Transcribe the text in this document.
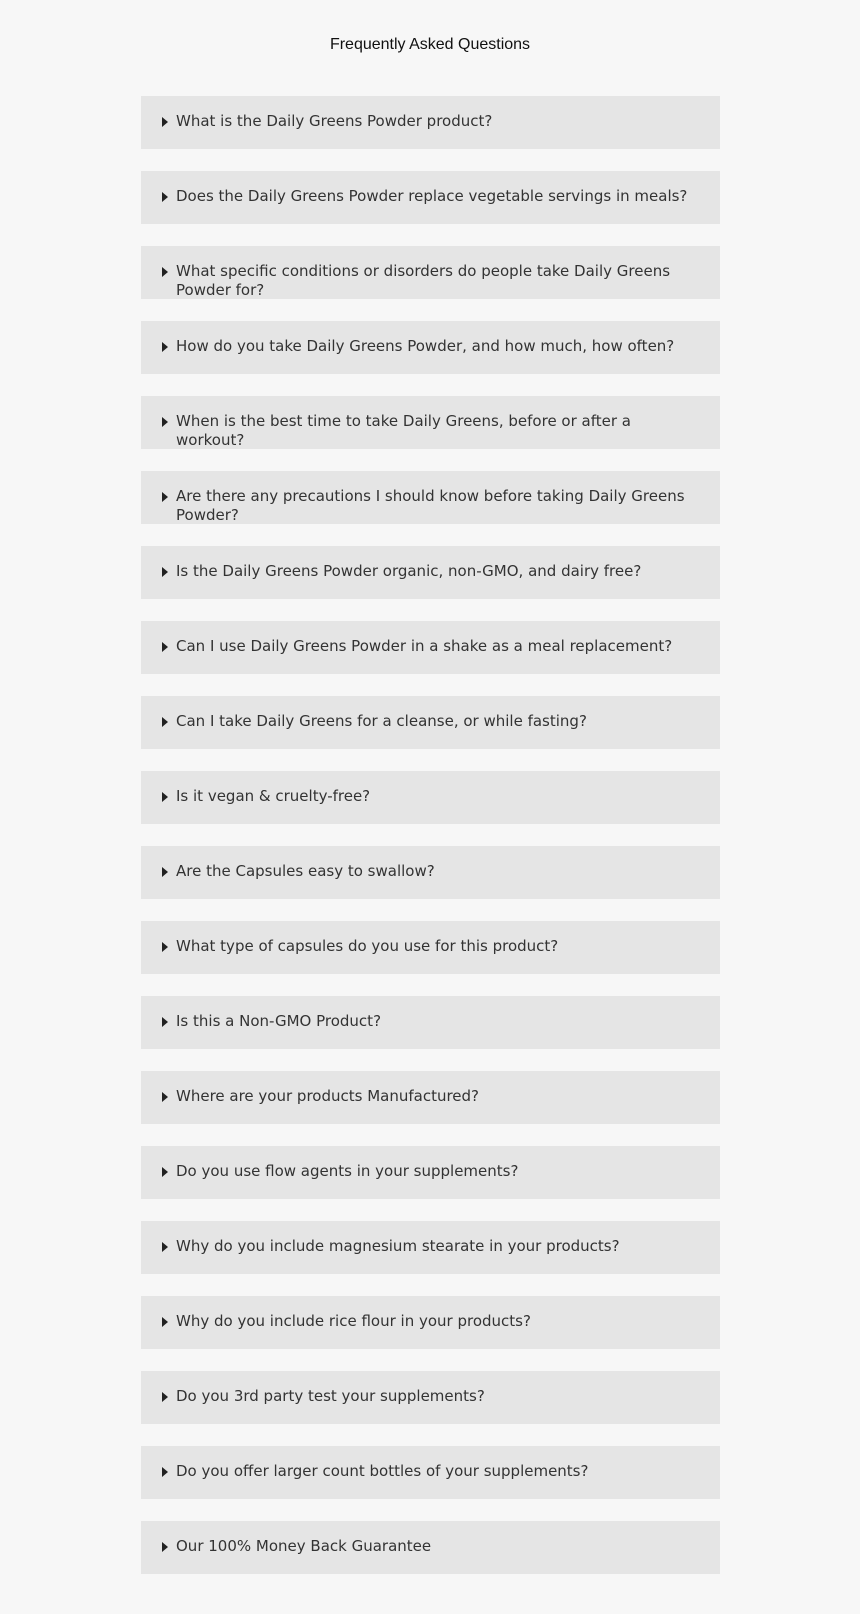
Frequently Asked Questions
What is the Daily Greens Powder product?
Does the Daily Greens Powder replace vegetable servings in meals?
What specific conditions or disorders do people take Daily Greens Powder for?
How do you take Daily Greens Powder, and how much, how often?
When is the best time to take Daily Greens, before or after a workout?
Are there any precautions I should know before taking Daily Greens Powder?
Is the Daily Greens Powder organic, non-GMO, and dairy free?
Can I use Daily Greens Powder in a shake as a meal replacement?
Can I take Daily Greens for a cleanse, or while fasting?
Is it vegan & cruelty-free?
Are the Capsules easy to swallow?
What type of capsules do you use for this product?
Is this a Non-GMO Product?
Where are your products Manufactured?
Do you use flow agents in your supplements?
Why do you include magnesium stearate in your products?
Why do you include rice flour in your products?
Do you 3rd party test your supplements?
Do you offer larger count bottles of your supplements?
Our 100% Money Back Guarantee
